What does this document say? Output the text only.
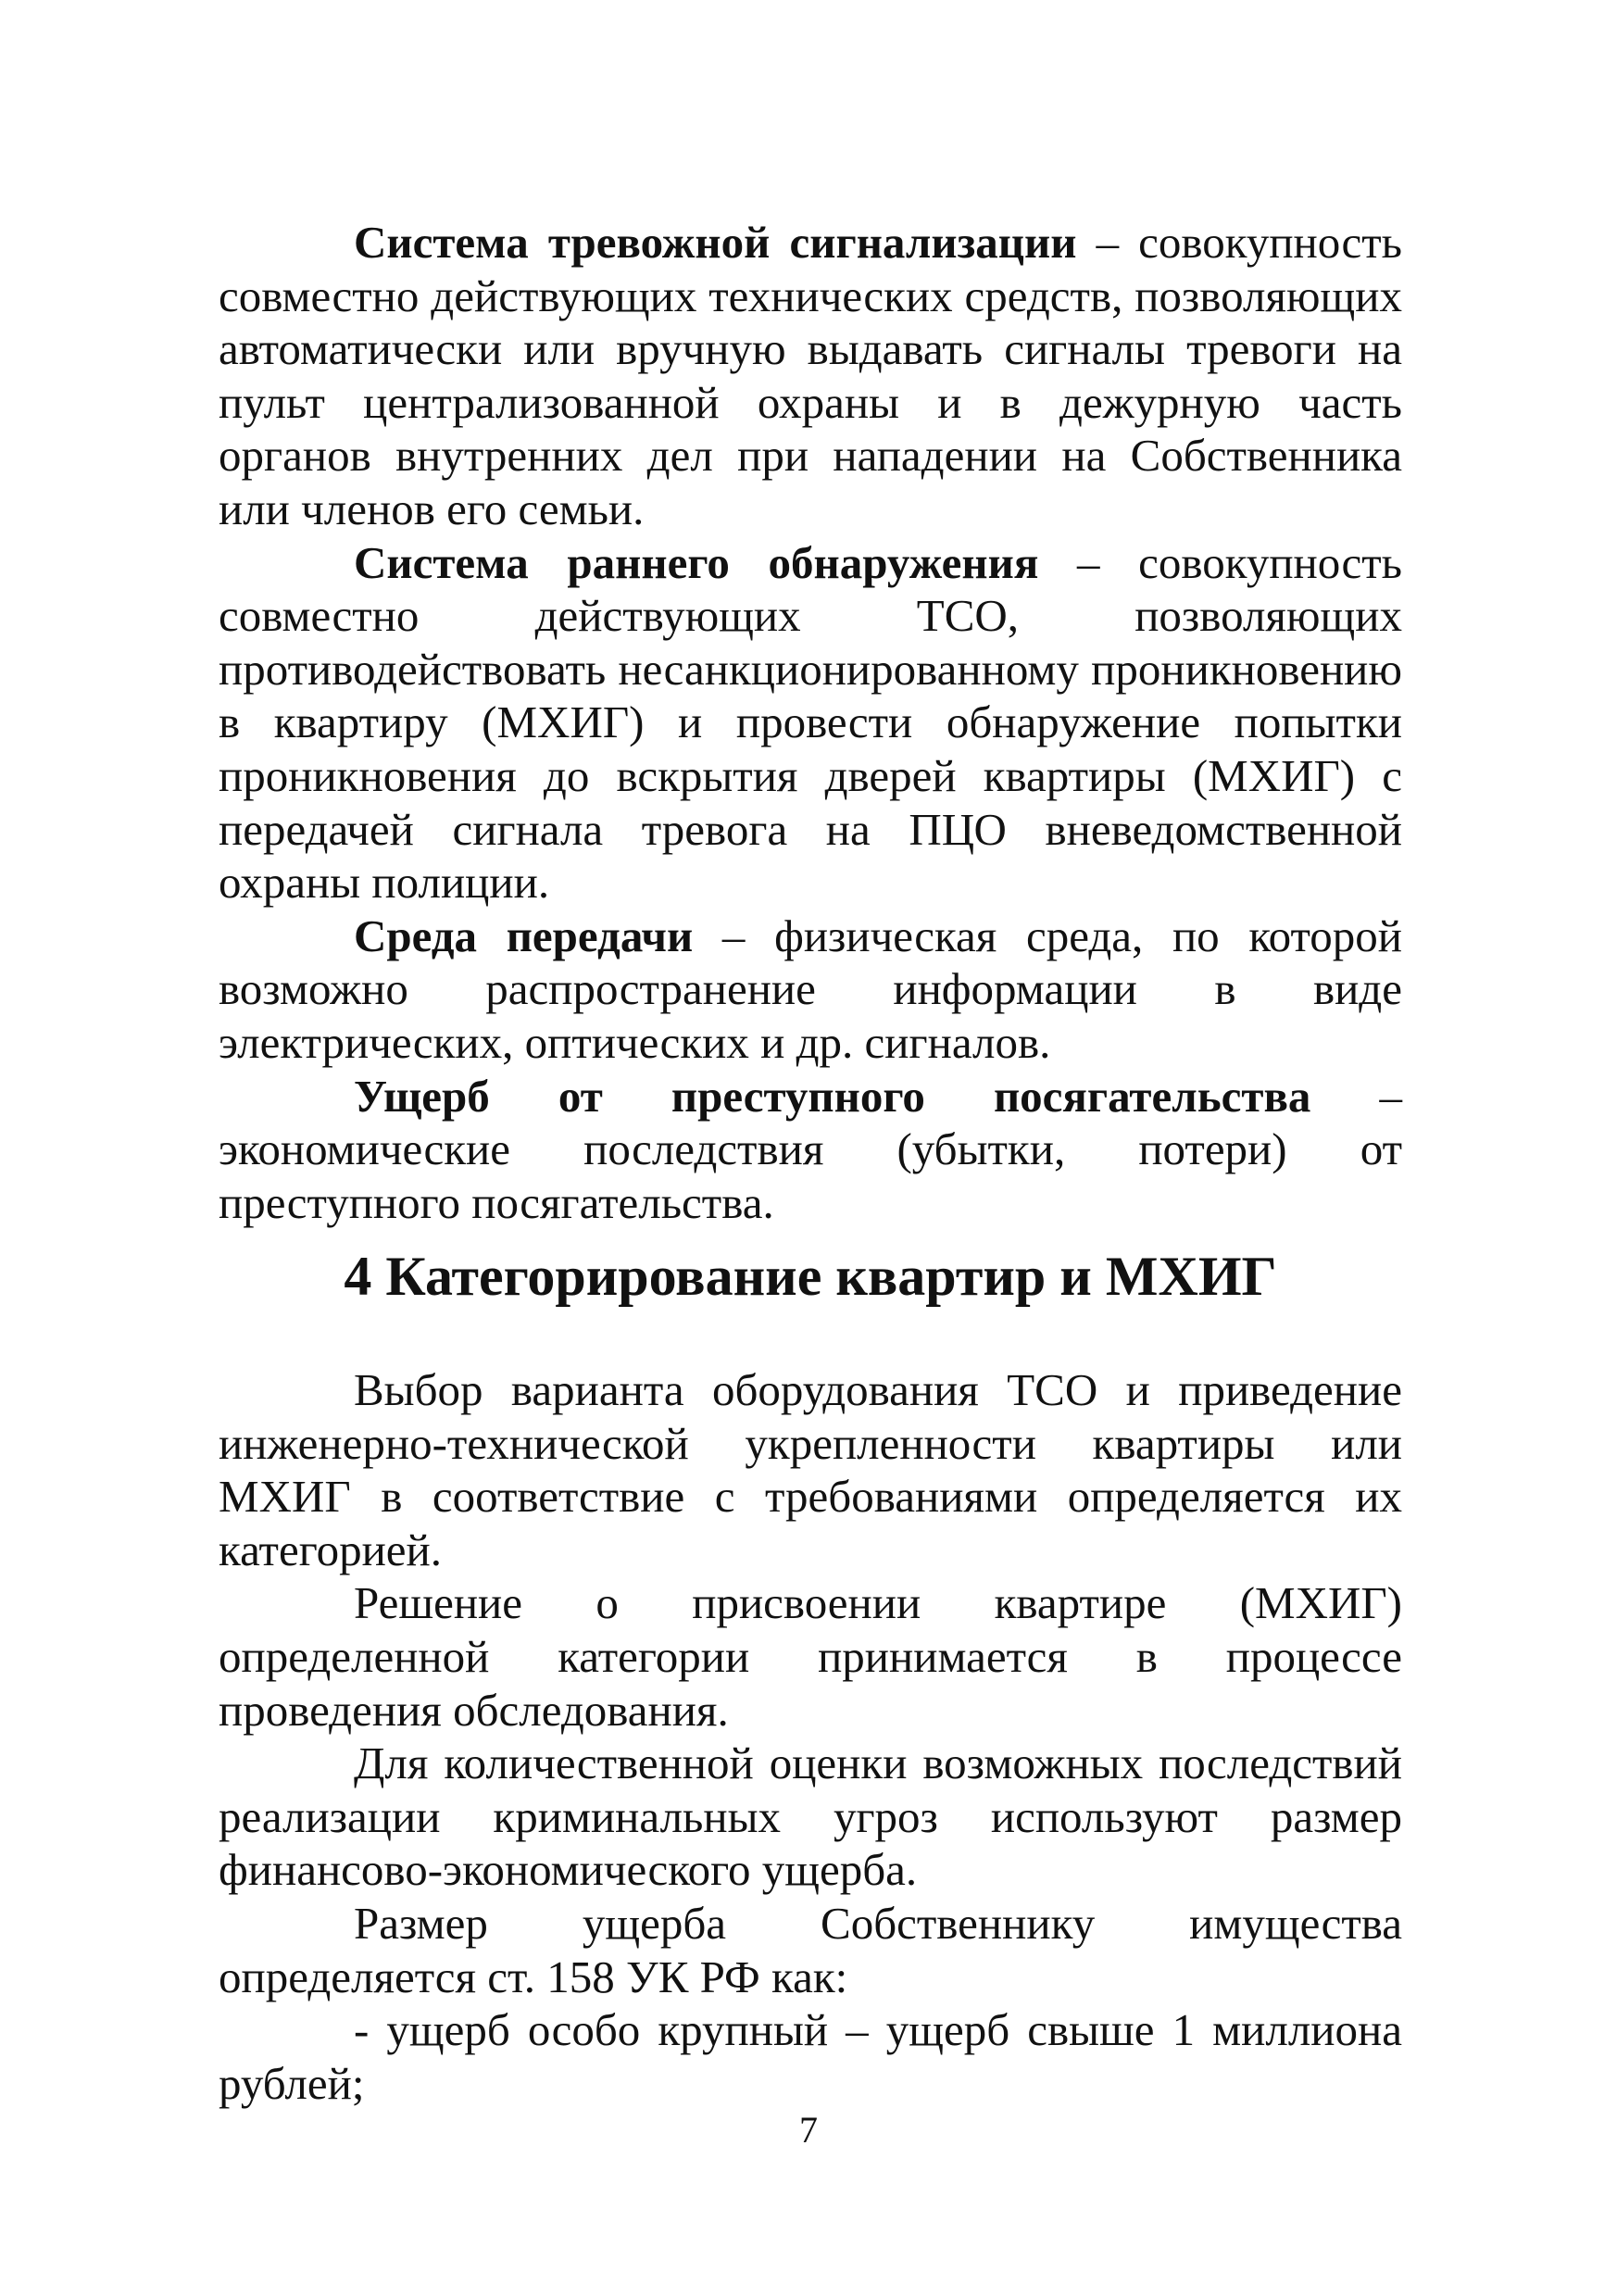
Система тревожной сигнализации – совокупность совместно действующих технических средств, позволяющих автоматически или вручную выдавать сигналы тревоги на пульт централизованной охраны и в дежурную часть органов внутренних дел при нападении на Собственника или членов его семьи.

Система раннего обнаружения – совокупность совместно действующих ТСО, позволяющих противодействовать несанкционированному проникновению в квартиру (МХИГ) и провести обнаружение попытки проникновения до вскрытия дверей квартиры (МХИГ) с передачей сигнала тревога на ПЦО вневедомственной охраны полиции.

Среда передачи – физическая среда, по которой возможно распространение информации в виде электрических, оптических и др. сигналов.

Ущерб от преступного посягательства – экономические последствия (убытки, потери) от преступного посягательства.

4 Категорирование квартир и МХИГ

Выбор варианта оборудования ТСО и приведение инженерно-технической укрепленности квартиры или МХИГ в соответствие с требованиями определяется их категорией.

Решение о присвоении квартире (МХИГ) определенной категории принимается в процессе проведения обследования.

Для количественной оценки возможных последствий реализации криминальных угроз используют размер финансово-экономического ущерба.

Размер ущерба Собственнику имущества определяется ст. 158 УК РФ как:

- ущерб особо крупный – ущерб свыше 1 миллиона рублей;

7
